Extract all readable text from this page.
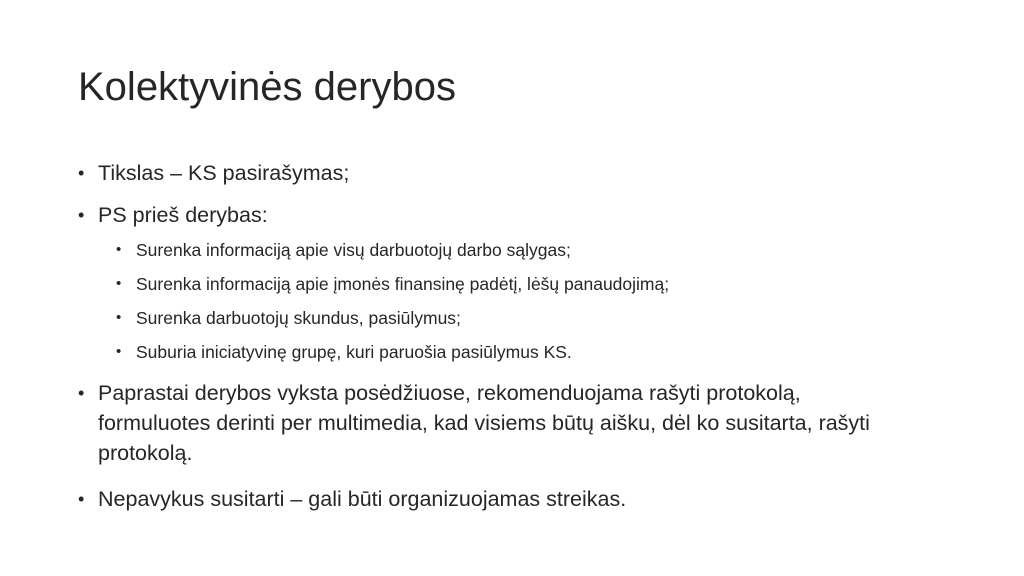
Kolektyvinės derybos
• Tikslas – KS pasirašymas;
• PS prieš derybas:
• Surenka informaciją apie visų darbuotojų darbo sąlygas;
• Surenka informaciją apie įmonės finansinę padėtį, lėšų panaudojimą;
• Surenka darbuotojų skundus, pasiūlymus;
• Suburia iniciatyvinę grupę, kuri paruošia pasiūlymus KS.
• Paprastai derybos vyksta posėdžiuose, rekomenduojama rašyti protokolą, formuluotes derinti per multimedia, kad visiems būtų aišku, dėl ko susitarta, rašyti protokolą.
• Nepavykus susitarti – gali būti organizuojamas streikas.
